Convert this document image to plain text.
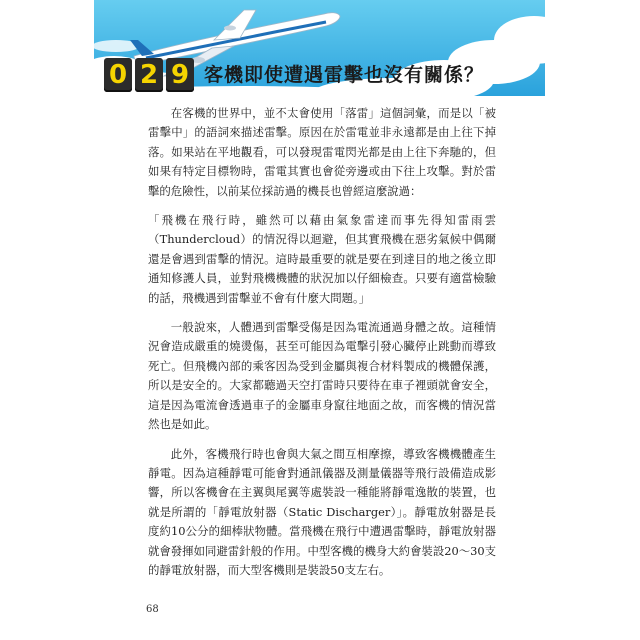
0 2 9 客機即使遭遇雷擊也沒有關係？

在客機的世界中，並不太會使用「落雷」這個詞彙，而是以「被雷擊中」的語詞來描述雷擊。原因在於雷電並非永遠都是由上往下掉落。如果站在平地觀看，可以發現雷電閃光都是由上往下奔馳的，但如果有特定目標物時，雷電其實也會從旁邊或由下往上攻擊。對於雷擊的危險性，以前某位採訪過的機長也曾經這麼說過：

「飛機在飛行時，雖然可以藉由氣象雷達而事先得知雷雨雲（Thundercloud）的情況得以迴避，但其實飛機在惡劣氣候中偶爾還是會遇到雷擊的情況。這時最重要的就是要在到達目的地之後立即通知修護人員，並對飛機機體的狀況加以仔細檢查。只要有適當檢驗的話，飛機遇到雷擊並不會有什麼大問題。」

一般說來，人體遇到雷擊受傷是因為電流通過身體之故。這種情況會造成嚴重的燒燙傷，甚至可能因為電擊引發心臟停止跳動而導致死亡。但飛機內部的乘客因為受到金屬與複合材料製成的機體保護，所以是安全的。大家都聽過天空打雷時只要待在車子裡頭就會安全，這是因為電流會透過車子的金屬車身竄往地面之故，而客機的情況當然也是如此。

此外，客機飛行時也會與大氣之間互相摩擦，導致客機機體產生靜電。因為這種靜電可能會對通訊儀器及測量儀器等飛行設備造成影響，所以客機會在主翼與尾翼等處裝設一種能將靜電逸散的裝置，也就是所謂的「靜電放射器（Static Discharger）」。靜電放射器是長度約10公分的細棒狀物體。當飛機在飛行中遭遇雷擊時，靜電放射器就會發揮如同避雷針般的作用。中型客機的機身大約會裝設20～30支的靜電放射器，而大型客機則是裝設50支左右。

68
